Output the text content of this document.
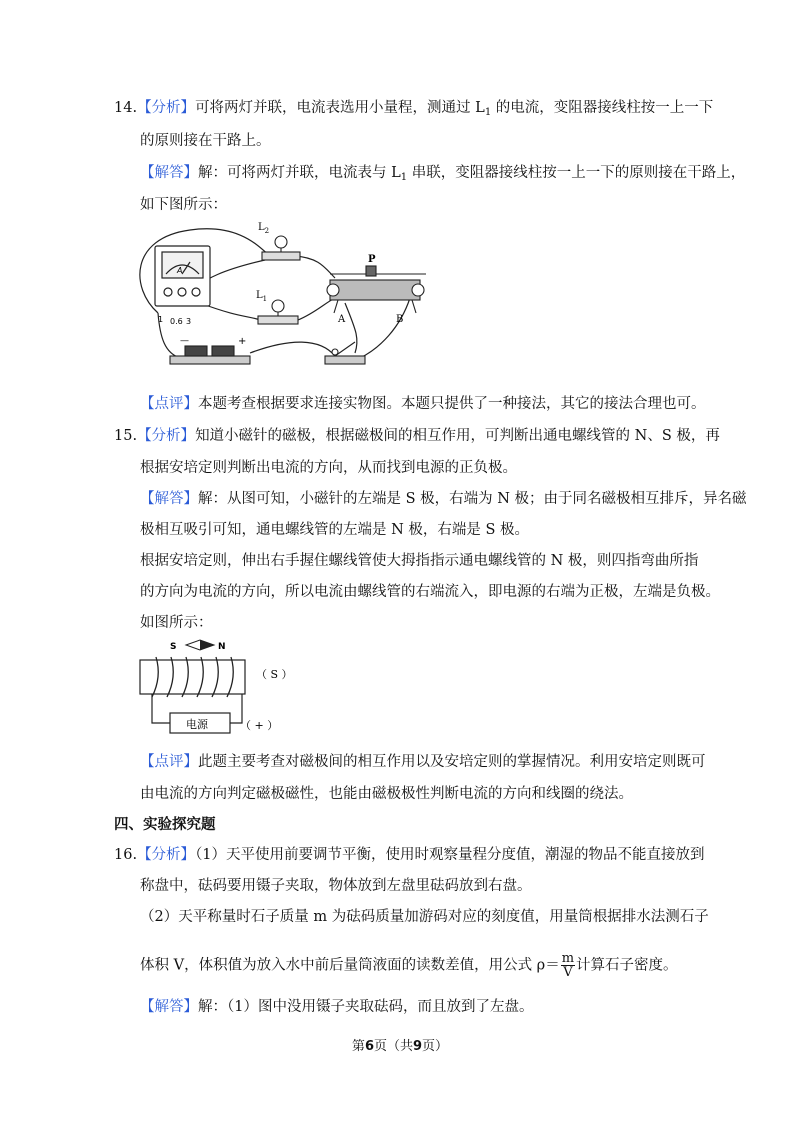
14.【分析】可将两灯并联，电流表选用小量程，测通过 $L_1$ 的电流，变阻器接线柱按一上一下
的原则接在干路上。
【解答】解：可将两灯并联，电流表与 $L_1$ 串联，变阻器接线柱按一上一下的原则接在干路上，
如下图所示：
A
1 0.6 3
$L_2$
$L_1$
P
A	B
—	+
【点评】本题考查根据要求连接实物图。本题只提供了一种接法，其它的接法合理也可。
15.【分析】知道小磁针的磁极，根据磁极间的相互作用，可判断出通电螺线管的 N、S 极，再
根据安培定则判断出电流的方向，从而找到电源的正负极。
【解答】解：从图可知，小磁针的左端是 S 极，右端为 N 极；由于同名磁极相互排斥，异名磁
极相互吸引可知，通电螺线管的左端是 N 极，右端是 S 极。
根据安培定则，伸出右手握住螺线管使大拇指指示通电螺线管的 N 极，则四指弯曲所指
的方向为电流的方向，所以电流由螺线管的右端流入，即电源的右端为正极，左端是负极。
如图所示：
S	N
电源
（ S ）
（ + ）
【点评】此题主要考查对磁极间的相互作用以及安培定则的掌握情况。利用安培定则既可
由电流的方向判定磁极磁性，也能由磁极极性判断电流的方向和线圈的绕法。
四、实验探究题
16.【分析】（1）天平使用前要调节平衡，使用时观察量程分度值，潮湿的物品不能直接放到
称盘中，砝码要用镊子夹取，物体放到左盘里砝码放到右盘。
（2）天平称量时石子质量 m 为砝码质量加游码对应的刻度值，用量筒根据排水法测石子
体积 V，体积值为放入水中前后量筒液面的读数差值，用公式 $\rho= \frac{m}{V}$ 计算石子密度。
【解答】解：（1）图中没用镊子夹取砝码，而且放到了左盘。
第6页（共9页）
